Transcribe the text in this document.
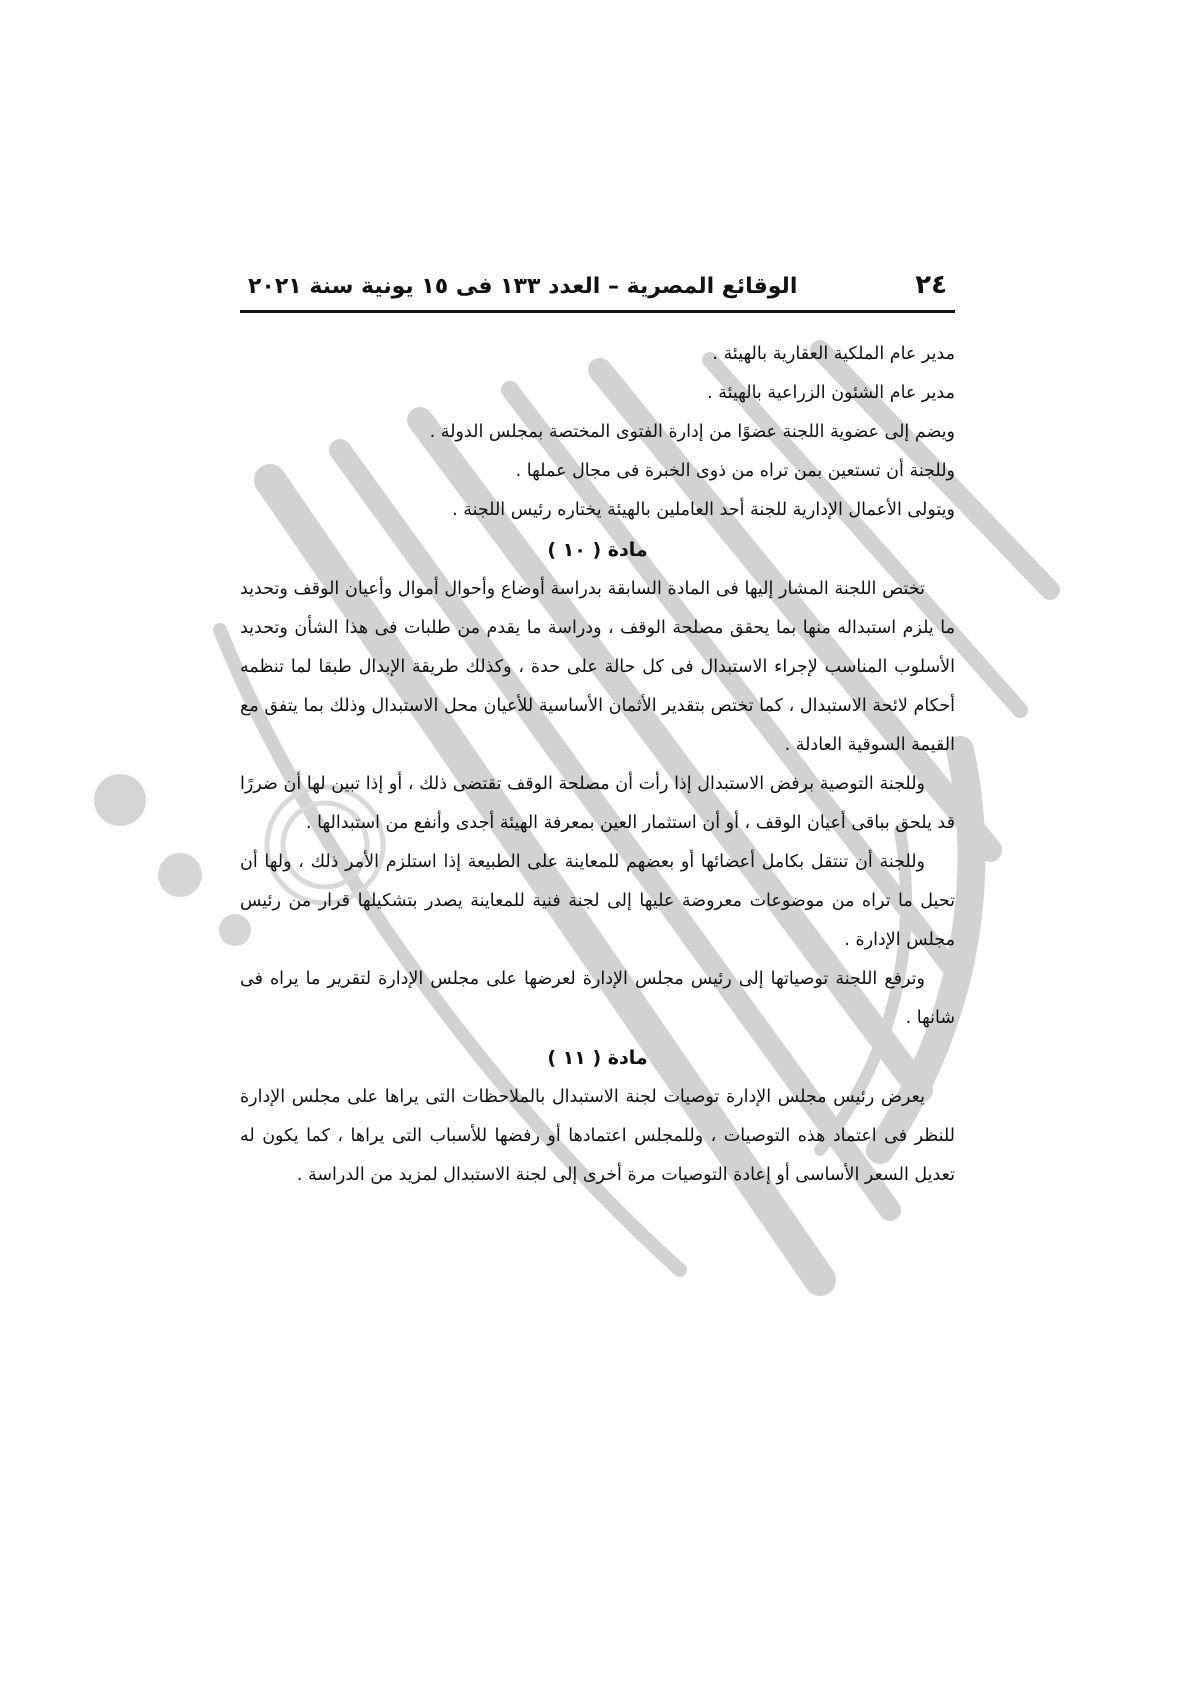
٢٤
الوقائع المصرية – العدد ١٣٣ فى ١٥ يونية سنة ٢٠٢١

مدير عام الملكية العقارية بالهيئة .

مدير عام الشئون الزراعية بالهيئة .

ويضم إلى عضوية اللجنة عضوًا من إدارة الفتوى المختصة بمجلس الدولة .

وللجنة أن تستعين بمن تراه من ذوى الخبرة فى مجال عملها .

ويتولى الأعمال الإدارية للجنة أحد العاملين بالهيئة يختاره رئيس اللجنة .

مادة ( ١٠ )

تختص اللجنة المشار إليها فى المادة السابقة بدراسة أوضاع وأحوال أموال وأعيان الوقف وتحديد ما يلزم استبداله منها بما يحقق مصلحة الوقف ، ودراسة ما يقدم من طلبات فى هذا الشأن وتحديد الأسلوب المناسب لإجراء الاستبدال فى كل حالة على حدة ، وكذلك طريقة الإبدال طبقا لما تنظمه أحكام لائحة الاستبدال ، كما تختص بتقدير الأثمان الأساسية للأعيان محل الاستبدال وذلك بما يتفق مع القيمة السوقية العادلة .

وللجنة التوصية برفض الاستبدال إذا رأت أن مصلحة الوقف تقتضى ذلك ، أو إذا تبين لها أن ضررًا قد يلحق بباقى أعيان الوقف ، أو أن استثمار العين بمعرفة الهيئة أجدى وأنفع من استبدالها .

وللجنة أن تنتقل بكامل أعضائها أو بعضهم للمعاينة على الطبيعة إذا استلزم الأمر ذلك ، ولها أن تحيل ما تراه من موضوعات معروضة عليها إلى لجنة فنية للمعاينة يصدر بتشكيلها قرار من رئيس مجلس الإدارة .

وترفع اللجنة توصياتها إلى رئيس مجلس الإدارة لعرضها على مجلس الإدارة لتقرير ما يراه فى شانها .

مادة ( ١١ )

يعرض رئيس مجلس الإدارة توصيات لجنة الاستبدال بالملاحظات التى يراها على مجلس الإدارة للنظر فى اعتماد هذه التوصيات ، وللمجلس اعتمادها أو رفضها للأسباب التى يراها ، كما يكون له تعديل السعر الأساسى أو إعادة التوصيات مرة أخرى إلى لجنة الاستبدال لمزيد من الدراسة .
